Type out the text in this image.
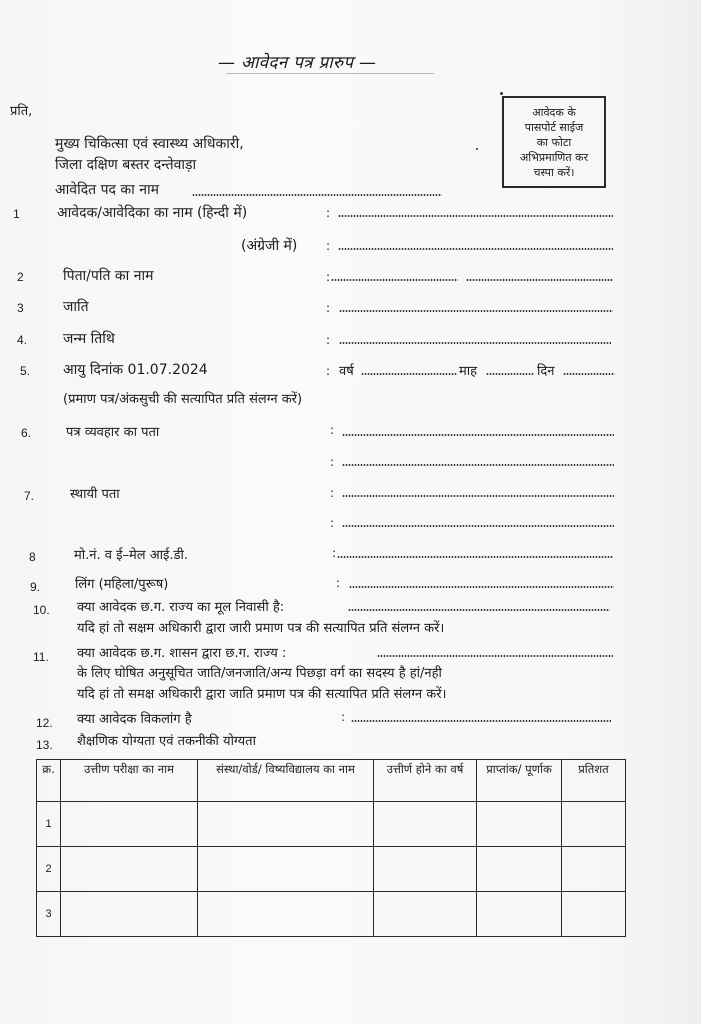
— आवेदन पत्र प्रारुप —
प्रति,
मुख्य चिकित्सा एवं स्वास्थ्य अधिकारी,
जिला दक्षिण बस्तर दन्तेवाड़ा
आवेदित पद का नाम
आवेदक के
पासपोर्ट साईज
का फोटा
अभिप्रमाणित कर
चस्पा करें।
1	आवेदक/आवेदिका का नाम (हिन्दी में)	:
(अंग्रेजी में) :
2	पिता/पति का नाम	:
3	जाति	:
4.	जन्म तिथि	:
5. आयु दिनांक 01.07.2024	: वर्ष	माह	दिन
(प्रमाण पत्र/अंकसुची की सत्यापित प्रति संलग्न करें)
6.	पत्र व्यवहार का पता	:
:
7.	स्थायी पता	:
:
8	मो.नं. व ई–मेल आई.डी.	:
9.	लिंग (महिला/पुरूष)	:
10. क्या आवेदक छ.ग. राज्य का मूल निवासी है:
यदि हां तो सक्षम अधिकारी द्वारा जारी प्रमाण पत्र की सत्यापित प्रति संलग्न करें।
11. क्या आवेदक छ.ग. शासन द्वारा छ.ग. राज्य :
के लिए घोषित अनुसूचित जाति/जनजाति/अन्य पिछड़ा वर्ग का सदस्य है हां/नही
यदि हां तो समक्ष अधिकारी द्वारा जाति प्रमाण पत्र की सत्यापित प्रति संलग्न करें।
12. क्या आवेदक विकलांग है	:
13. शैक्षणिक योग्यता एवं तकनीकी योग्यता
क्र.	उत्तीण परीक्षा का नाम	संस्था/वोर्ड/ विष्यविद्यालय का नाम	उत्तीर्ण होने का वर्ष	प्राप्तांक/ पूर्णाक	प्रतिशत
1					
2					
3					
